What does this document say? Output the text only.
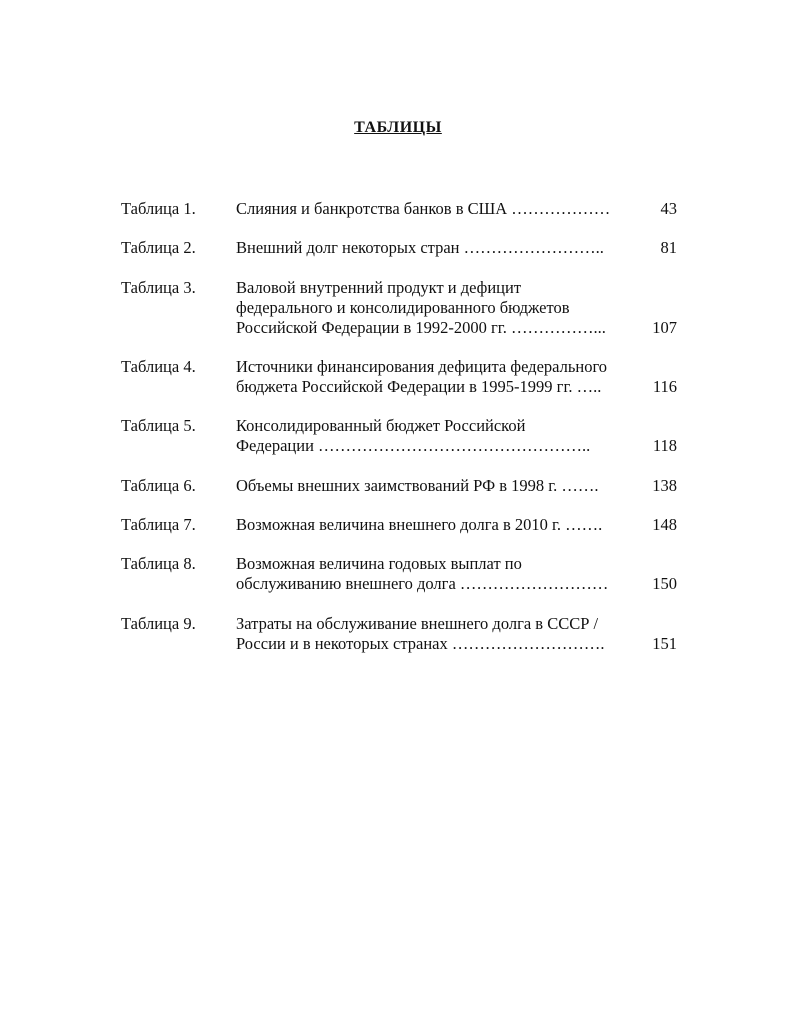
ТАБЛИЦЫ
Таблица 1. Слияния и банкротства банков в США ………………	43
Таблица 2. Внешний долг некоторых стран ……………………..	81
Таблица 3. Валовой внутренний продукт и дефицит
федерального и консолидированного бюджетов
Российской Федерации в 1992-2000 гг. ……………...	107
Таблица 4. Источники финансирования дефицита федерального
бюджета Российской Федерации в 1995-1999 гг. …..	116
Таблица 5. Консолидированный бюджет Российской
Федерации …………………………………………..	118
Таблица 6. Объемы внешних заимствований РФ в 1998 г. …….	138
Таблица 7. Возможная величина внешнего долга в 2010 г. …….	148
Таблица 8. Возможная величина годовых выплат по
обслуживанию внешнего долга ………………………	150
Таблица 9. Затраты на обслуживание внешнего долга в СССР /
России и в некоторых странах ……………………….	151
